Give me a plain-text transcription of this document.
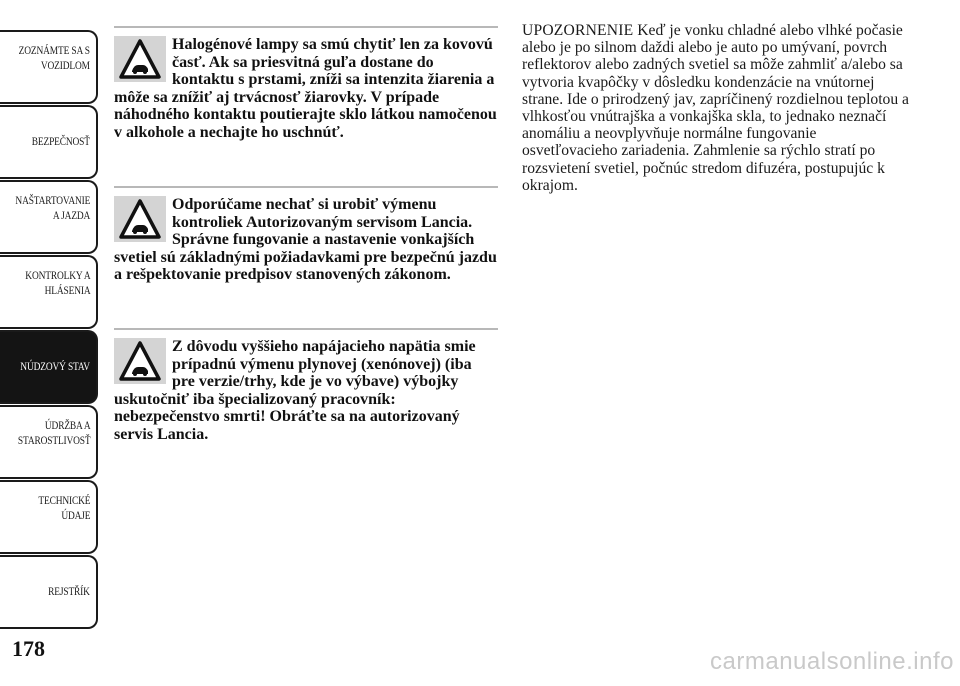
ZOZNÁMTE SA S
VOZIDLOM
BEZPEČNOSŤ
NAŠTARTOVANIE
A JAZDA
KONTROLKY A
HLÁSENIA
NÚDZOVÝ STAV
ÚDRŽBA A
STAROSTLIVOSŤ
TECHNICKÉ
ÚDAJE
REJSTŘÍK
178
Halogénové lampy sa smú chytiť len za kovovú časť. Ak sa priesvitná guľa dostane do kontaktu s prstami, zníži sa intenzita žiarenia a môže sa znížiť aj trvácnosť žiarovky. V prípade náhodného kontaktu poutierajte sklo látkou namočenou v alkohole a nechajte ho uschnúť.
Odporúčame nechať si urobiť výmenu kontroliek Autorizovaným servisom Lancia. Správne fungovanie a nastavenie vonkajších svetiel sú základnými požiadavkami pre bezpečnú jazdu a rešpektovanie predpisov stanovených zákonom.
Z dôvodu vyššieho napájacieho napätia smie prípadnú výmenu plynovej (xenónovej) (iba pre verzie/trhy, kde je vo výbave) výbojky uskutočniť iba špecializovaný pracovník: nebezpečenstvo smrti! Obráťte sa na autorizovaný servis Lancia.
UPOZORNENIE Keď je vonku chladné alebo vlhké počasie alebo je po silnom daždi alebo je auto po umývaní, povrch reflektorov alebo zadných svetiel sa môže zahmliť a/alebo sa vytvoria kvapôčky v dôsledku kondenzácie na vnútornej strane. Ide o prirodzený jav, zapríčinený rozdielnou teplotou a vlhkosťou vnútrajška a vonkajška skla, to jednako neznačí anomáliu a neovplyvňuje normálne fungovanie osvetľovacieho zariadenia. Zahmlenie sa rýchlo stratí po rozsvietení svetiel, počnúc stredom difuzéra, postupujúc k okrajom.
carmanualsonline.info
